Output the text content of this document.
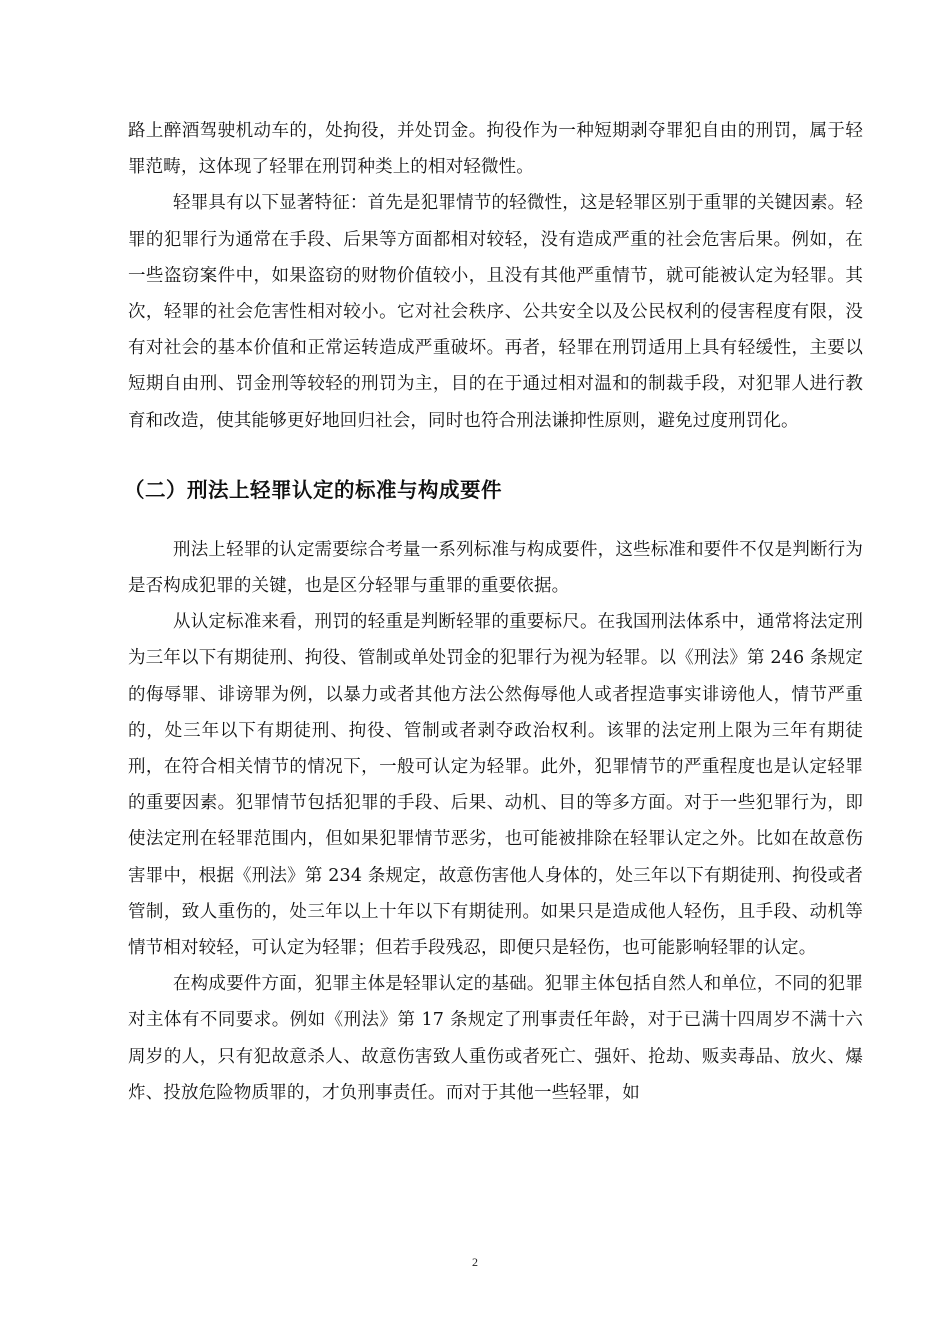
路上醉酒驾驶机动车的，处拘役，并处罚金。拘役作为一种短期剥夺罪犯自由的刑罚，属于轻罪范畴，这体现了轻罪在刑罚种类上的相对轻微性。

轻罪具有以下显著特征：首先是犯罪情节的轻微性，这是轻罪区别于重罪的关键因素。轻罪的犯罪行为通常在手段、后果等方面都相对较轻，没有造成严重的社会危害后果。例如，在一些盗窃案件中，如果盗窃的财物价值较小，且没有其他严重情节，就可能被认定为轻罪。其次，轻罪的社会危害性相对较小。它对社会秩序、公共安全以及公民权利的侵害程度有限，没有对社会的基本价值和正常运转造成严重破坏。再者，轻罪在刑罚适用上具有轻缓性，主要以短期自由刑、罚金刑等较轻的刑罚为主，目的在于通过相对温和的制裁手段，对犯罪人进行教育和改造，使其能够更好地回归社会，同时也符合刑法谦抑性原则，避免过度刑罚化。

（二）刑法上轻罪认定的标准与构成要件

刑法上轻罪的认定需要综合考量一系列标准与构成要件，这些标准和要件不仅是判断行为是否构成犯罪的关键，也是区分轻罪与重罪的重要依据。

从认定标准来看，刑罚的轻重是判断轻罪的重要标尺。在我国刑法体系中，通常将法定刑为三年以下有期徒刑、拘役、管制或单处罚金的犯罪行为视为轻罪。以《刑法》第 246 条规定的侮辱罪、诽谤罪为例，以暴力或者其他方法公然侮辱他人或者捏造事实诽谤他人，情节严重的，处三年以下有期徒刑、拘役、管制或者剥夺政治权利。该罪的法定刑上限为三年有期徒刑，在符合相关情节的情况下，一般可认定为轻罪。此外，犯罪情节的严重程度也是认定轻罪的重要因素。犯罪情节包括犯罪的手段、后果、动机、目的等多方面。对于一些犯罪行为，即使法定刑在轻罪范围内，但如果犯罪情节恶劣，也可能被排除在轻罪认定之外。比如在故意伤害罪中，根据《刑法》第 234 条规定，故意伤害他人身体的，处三年以下有期徒刑、拘役或者管制，致人重伤的，处三年以上十年以下有期徒刑。如果只是造成他人轻伤，且手段、动机等情节相对较轻，可认定为轻罪；但若手段残忍，即便只是轻伤，也可能影响轻罪的认定。

在构成要件方面，犯罪主体是轻罪认定的基础。犯罪主体包括自然人和单位，不同的犯罪对主体有不同要求。例如《刑法》第 17 条规定了刑事责任年龄，对于已满十四周岁不满十六周岁的人，只有犯故意杀人、故意伤害致人重伤或者死亡、强奸、抢劫、贩卖毒品、放火、爆炸、投放危险物质罪的，才负刑事责任。而对于其他一些轻罪，如

2
